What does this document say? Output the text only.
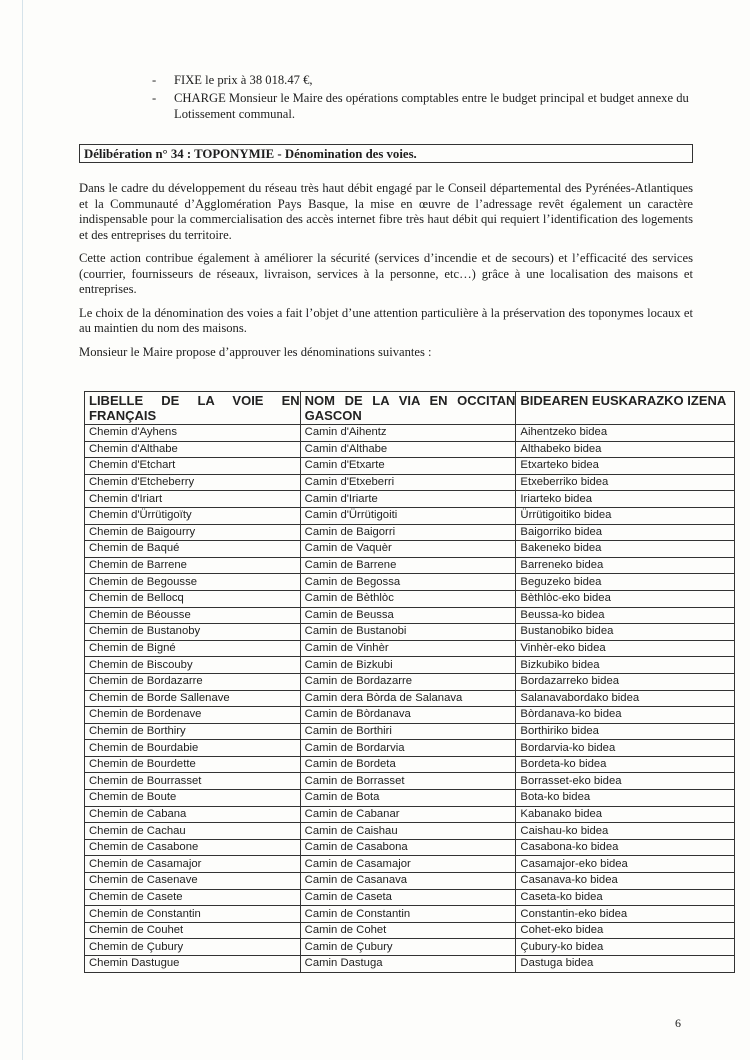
-	FIXE le prix à 38 018.47 €,
-	CHARGE Monsieur le Maire des opérations comptables entre le budget principal et budget annexe du Lotissement communal.
Délibération n° 34 : TOPONYMIE - Dénomination des voies.

Dans le cadre du développement du réseau très haut débit engagé par le Conseil départemental des Pyrénées-Atlantiques et la Communauté d’Agglomération Pays Basque, la mise en œuvre de l’adressage revêt également un caractère indispensable pour la commercialisation des accès internet fibre très haut débit qui requiert l’identification des logements et des entreprises du territoire.

Cette action contribue également à améliorer la sécurité (services d’incendie et de secours) et l’efficacité des services (courrier, fournisseurs de réseaux, livraison, services à la personne, etc…) grâce à une localisation des maisons et entreprises.

Le choix de la dénomination des voies a fait l’objet d’une attention particulière à la préservation des toponymes locaux et au maintien du nom des maisons.

Monsieur le Maire propose d’approuver les dénominations suivantes :

LIBELLE DE LA VOIE EN FRANÇAIS	NOM DE LA VIA EN OCCITAN GASCON	BIDEAREN EUSKARAZKO IZENA
Chemin d'Ayhens	Camin d'Aihentz	Aihentzeko bidea
Chemin d'Althabe	Camin d'Althabe	Althabeko bidea
Chemin d'Etchart	Camin d'Etxarte	Etxarteko bidea
Chemin d'Etcheberry	Camin d'Etxeberri	Etxeberriko bidea
Chemin d'Iriart	Camin d'Iriarte	Iriarteko bidea
Chemin d'Ürrütigoïty	Camin d'Ürrütigoiti	Ürrütigoitiko bidea
Chemin de Baigourry	Camin de Baigorri	Baigorriko bidea
Chemin de Baqué	Camin de Vaquèr	Bakeneko bidea
Chemin de Barrene	Camin de Barrene	Barreneko bidea
Chemin de Begousse	Camin de Begossa	Beguzeko bidea
Chemin de Bellocq	Camin de Bèthlòc	Bèthlòc-eko bidea
Chemin de Béousse	Camin de Beussa	Beussa-ko bidea
Chemin de Bustanoby	Camin de Bustanobi	Bustanobiko bidea
Chemin de Bigné	Camin de Vinhèr	Vinhèr-eko bidea
Chemin de Biscouby	Camin de Bizkubi	Bizkubiko bidea
Chemin de Bordazarre	Camin de Bordazarre	Bordazarreko bidea
Chemin de Borde Sallenave	Camin dera Bòrda de Salanava	Salanavabordako bidea
Chemin de Bordenave	Camin de Bòrdanava	Bòrdanava-ko bidea
Chemin de Borthiry	Camin de Borthiri	Borthiriko bidea
Chemin de Bourdabie	Camin de Bordarvia	Bordarvia-ko bidea
Chemin de Bourdette	Camin de Bordeta	Bordeta-ko bidea
Chemin de Bourrasset	Camin de Borrasset	Borrasset-eko bidea
Chemin de Boute	Camin de Bota	Bota-ko bidea
Chemin de Cabana	Camin de Cabanar	Kabanako bidea
Chemin de Cachau	Camin de Caishau	Caishau-ko bidea
Chemin de Casabone	Camin de Casabona	Casabona-ko bidea
Chemin de Casamajor	Camin de Casamajor	Casamajor-eko bidea
Chemin de Casenave	Camin de Casanava	Casanava-ko bidea
Chemin de Casete	Camin de Caseta	Caseta-ko bidea
Chemin de Constantin	Camin de Constantin	Constantin-eko bidea
Chemin de Couhet	Camin de Cohet	Cohet-eko bidea
Chemin de Çubury	Camin de Çubury	Çubury-ko bidea
Chemin Dastugue	Camin Dastuga	Dastuga bidea
6
